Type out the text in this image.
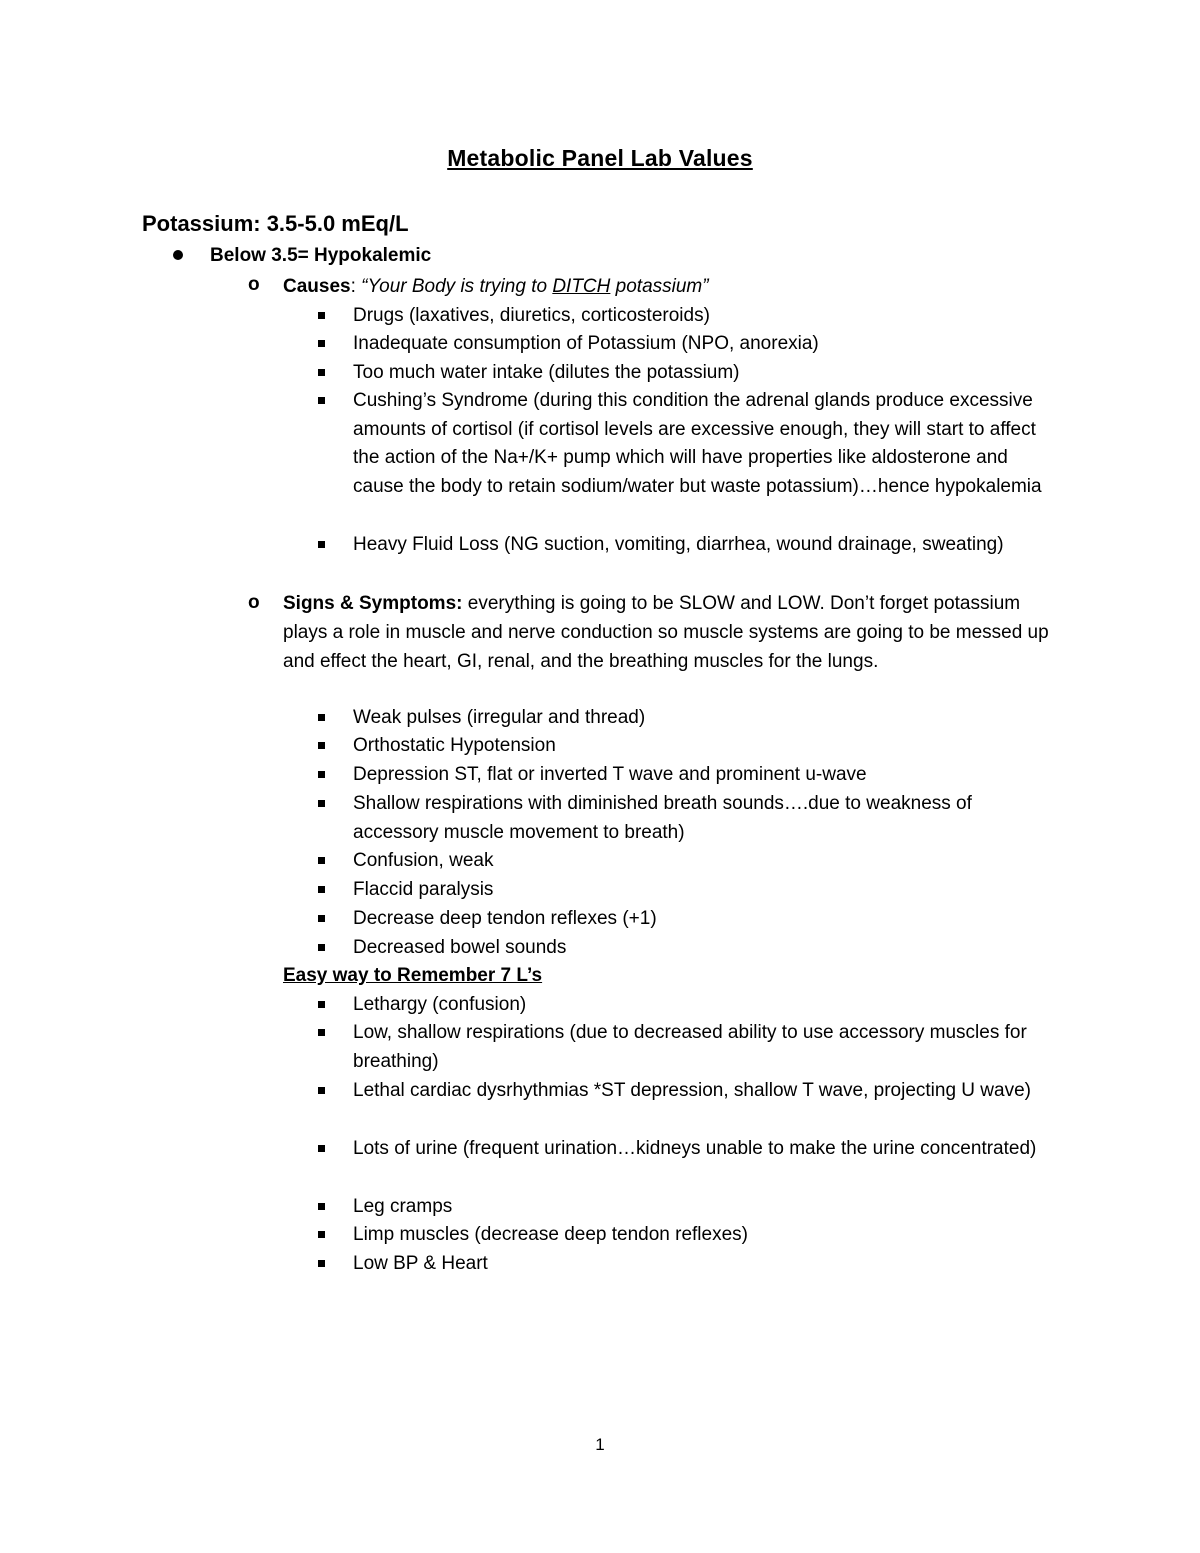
Metabolic Panel Lab Values
Potassium: 3.5-5.0 mEq/L
Below 3.5= Hypokalemic
o Causes: “Your Body is trying to DITCH potassium”
Drugs (laxatives, diuretics, corticosteroids)
Inadequate consumption of Potassium (NPO, anorexia)
Too much water intake (dilutes the potassium)
Cushing’s Syndrome (during this condition the adrenal glands produce excessive amounts of cortisol (if cortisol levels are excessive enough, they will start to affect the action of the Na+/K+ pump which will have properties like aldosterone and cause the body to retain sodium/water but waste potassium)…hence hypokalemia
Heavy Fluid Loss (NG suction, vomiting, diarrhea, wound drainage, sweating)
o Signs & Symptoms: everything is going to be SLOW and LOW. Don’t forget potassium plays a role in muscle and nerve conduction so muscle systems are going to be messed up and effect the heart, GI, renal, and the breathing muscles for the lungs.
Weak pulses (irregular and thread)
Orthostatic Hypotension
Depression ST, flat or inverted T wave and prominent u-wave
Shallow respirations with diminished breath sounds….due to weakness of accessory muscle movement to breath)
Confusion, weak
Flaccid paralysis
Decrease deep tendon reflexes (+1)
Decreased bowel sounds
Easy way to Remember 7 L’s
Lethargy (confusion)
Low, shallow respirations (due to decreased ability to use accessory muscles for breathing)
Lethal cardiac dysrhythmias *ST depression, shallow T wave, projecting U wave)
Lots of urine (frequent urination…kidneys unable to make the urine concentrated)
Leg cramps
Limp muscles (decrease deep tendon reflexes)
Low BP & Heart
1
